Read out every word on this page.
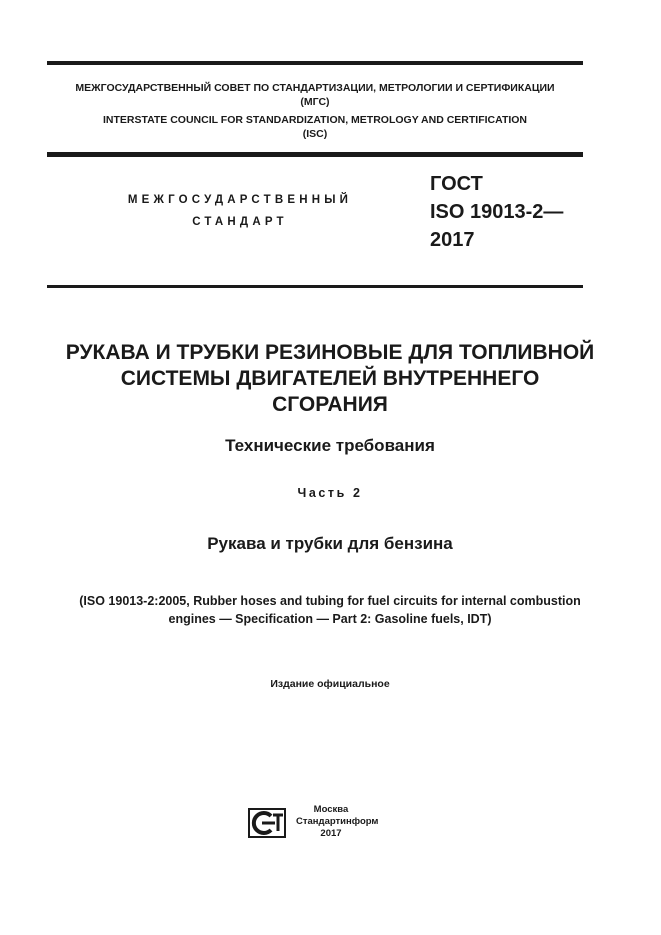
МЕЖГОСУДАРСТВЕННЫЙ СОВЕТ ПО СТАНДАРТИЗАЦИИ, МЕТРОЛОГИИ И СЕРТИФИКАЦИИ
(МГС)
INTERSTATE COUNCIL FOR STANDARDIZATION, METROLOGY AND CERTIFICATION
(ISC)
МЕЖГОСУДАРСТВЕННЫЙ
СТАНДАРТ
ГОСТ
ISO 19013-2—
2017
РУКАВА И ТРУБКИ РЕЗИНОВЫЕ ДЛЯ ТОПЛИВНОЙ
СИСТЕМЫ ДВИГАТЕЛЕЙ ВНУТРЕННЕГО
СГОРАНИЯ
Технические требования
Часть 2
Рукава и трубки для бензина
(ISO 19013-2:2005, Rubber hoses and tubing for fuel circuits for internal combustion
engines — Specification — Part 2: Gasoline fuels, IDT)
Издание официальное
Москва
Стандартинформ
2017
